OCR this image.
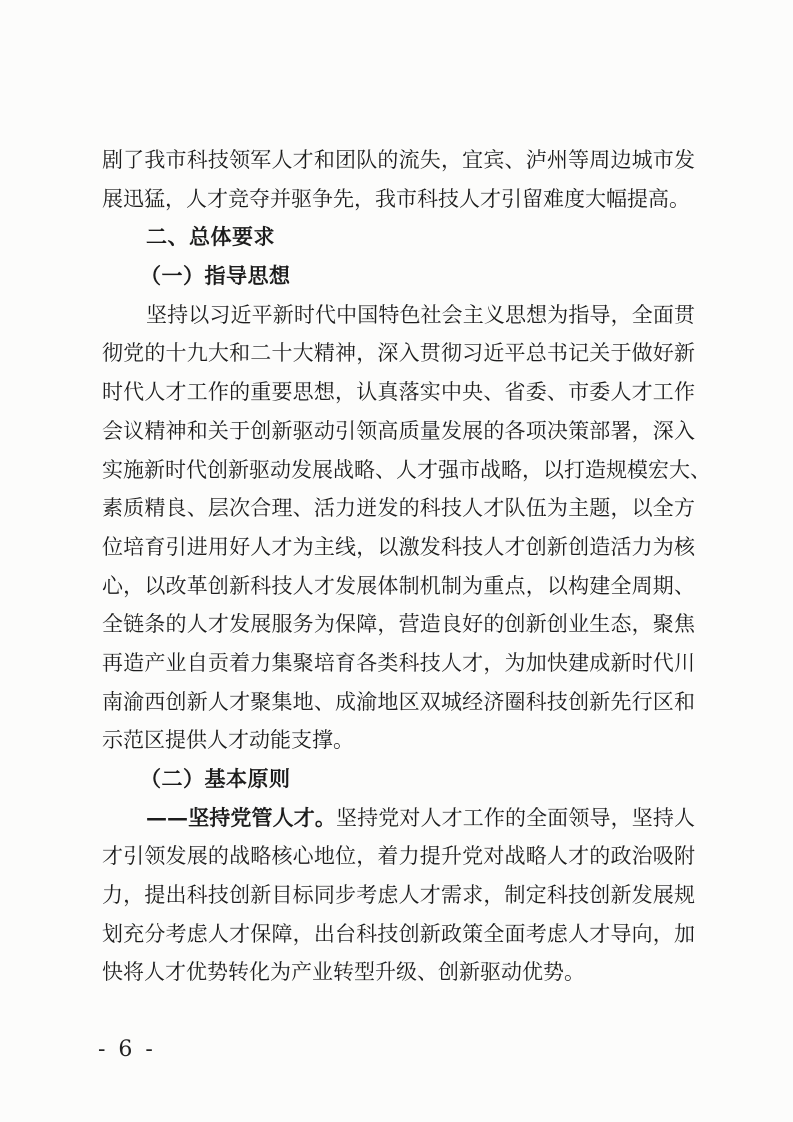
剧了我市科技领军人才和团队的流失，宜宾、泸州等周边城市发
展迅猛，人才竞夺并驱争先，我市科技人才引留难度大幅提高。
二、总体要求
（一）指导思想
坚持以习近平新时代中国特色社会主义思想为指导，全面贯
彻党的十九大和二十大精神，深入贯彻习近平总书记关于做好新
时代人才工作的重要思想，认真落实中央、省委、市委人才工作
会议精神和关于创新驱动引领高质量发展的各项决策部署，深入
实施新时代创新驱动发展战略、人才强市战略，以打造规模宏大、
素质精良、层次合理、活力迸发的科技人才队伍为主题，以全方
位培育引进用好人才为主线，以激发科技人才创新创造活力为核
心，以改革创新科技人才发展体制机制为重点，以构建全周期、
全链条的人才发展服务为保障，营造良好的创新创业生态，聚焦
再造产业自贡着力集聚培育各类科技人才，为加快建成新时代川
南渝西创新人才聚集地、成渝地区双城经济圈科技创新先行区和
示范区提供人才动能支撑。
（二）基本原则
——坚持党管人才。坚持党对人才工作的全面领导，坚持人
才引领发展的战略核心地位，着力提升党对战略人才的政治吸附
力，提出科技创新目标同步考虑人才需求，制定科技创新发展规
划充分考虑人才保障，出台科技创新政策全面考虑人才导向，加
快将人才优势转化为产业转型升级、创新驱动优势。
- 6 -
